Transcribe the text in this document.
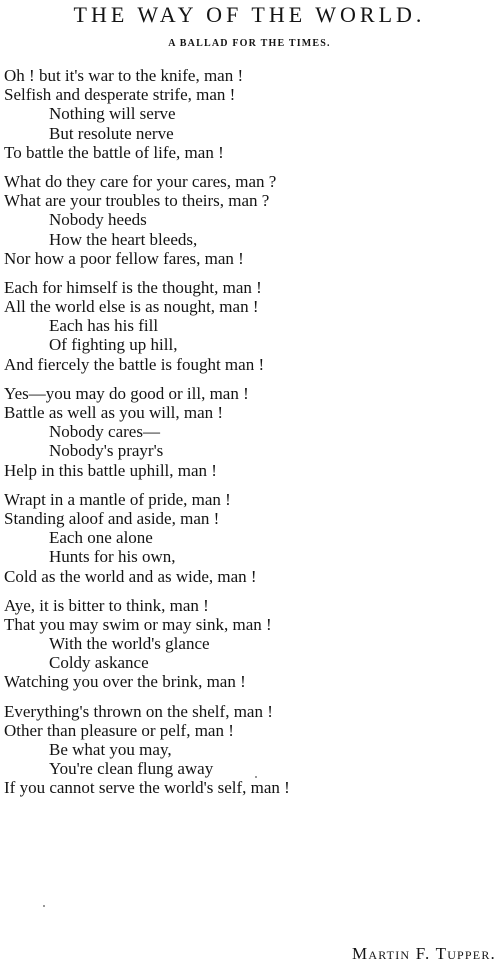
THE WAY OF THE WORLD.
A BALLAD FOR THE TIMES.
Oh ! but it's war to the knife, man !
Selfish and desperate strife, man !
Nothing will serve
But resolute nerve
To battle the battle of life, man !
What do they care for your cares, man ?
What are your troubles to theirs, man ?
Nobody heeds
How the heart bleeds,
Nor how a poor fellow fares, man !
Each for himself is the thought, man !
All the world else is as nought, man !
Each has his fill
Of fighting up hill,
And fiercely the battle is fought man !
Yes—you may do good or ill, man !
Battle as well as you will, man !
Nobody cares—
Nobody's prayr's
Help in this battle uphill, man !
Wrapt in a mantle of pride, man !
Standing aloof and aside, man !
Each one alone
Hunts for his own,
Cold as the world and as wide, man !
Aye, it is bitter to think, man !
That you may swim or may sink, man !
With the world's glance
Coldy askance
Watching you over the brink, man !
Everything's thrown on the shelf, man !
Other than pleasure or pelf, man !
Be what you may,
You're clean flung away
If you cannot serve the world's self, man !
Martin F. Tupper.
